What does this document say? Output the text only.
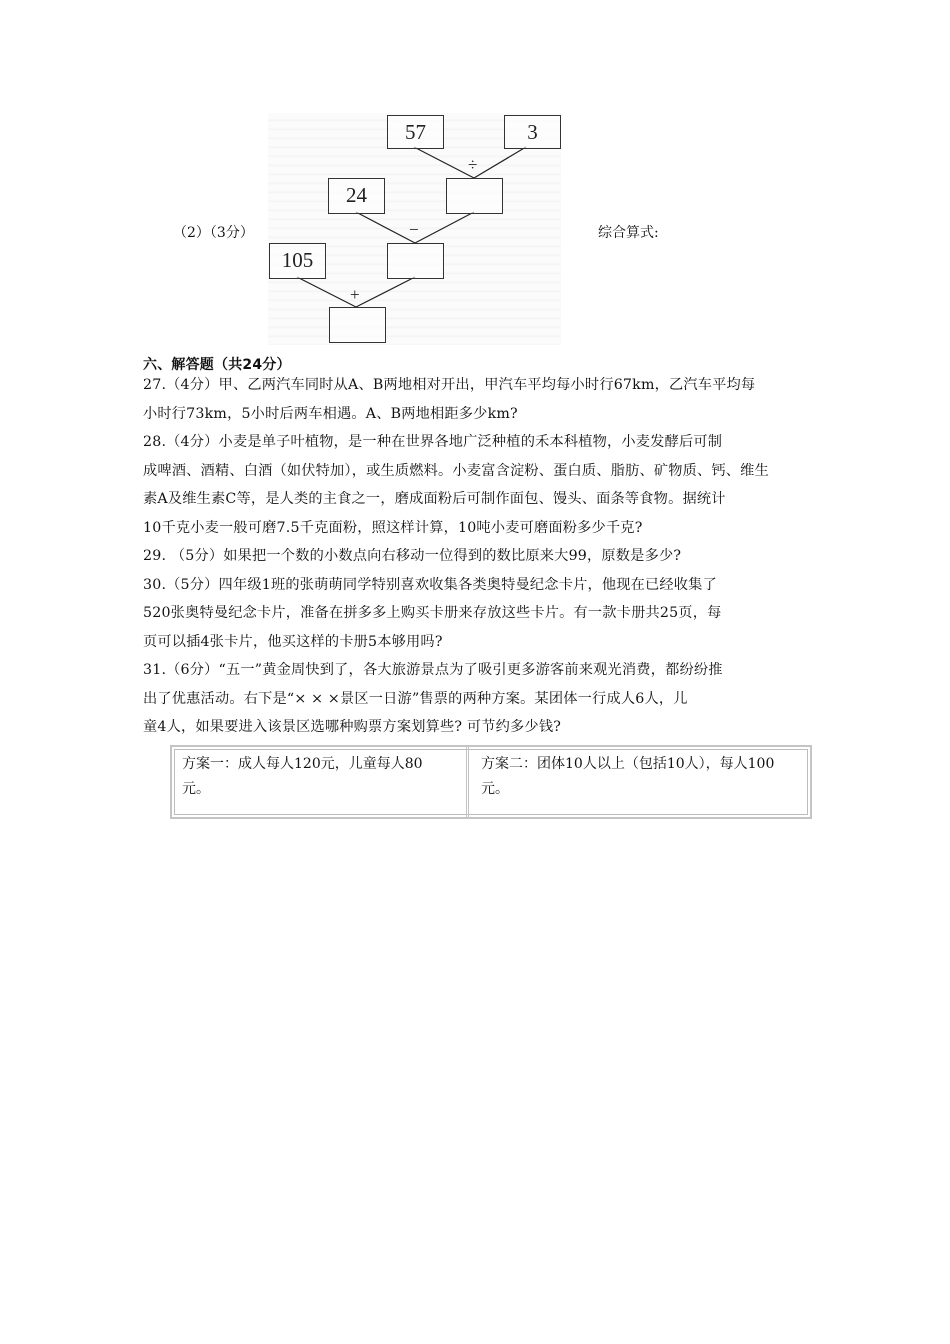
（2）（3分）	综合算式:
57	3
÷
24
−
105
+
六、解答题（共24分）
27.（4分）甲、乙两汽车同时从A、B两地相对开出，甲汽车平均每小时行67km，乙汽车平均每
小时行73km，5小时后两车相遇。A、B两地相距多少km?
28.（4分）小麦是单子叶植物，是一种在世界各地广泛种植的禾本科植物，小麦发酵后可制
成啤酒、酒精、白酒（如伏特加），或生质燃料。小麦富含淀粉、蛋白质、脂肪、矿物质、钙、维生
素A及维生素C等，是人类的主食之一，磨成面粉后可制作面包、馒头、面条等食物。据统计
10千克小麦一般可磨7.5千克面粉，照这样计算，10吨小麦可磨面粉多少千克?
29. （5分）如果把一个数的小数点向右移动一位得到的数比原来大99，原数是多少?
30.（5分）四年级1班的张萌萌同学特别喜欢收集各类奥特曼纪念卡片，他现在已经收集了
520张奥特曼纪念卡片，准备在拼多多上购买卡册来存放这些卡片。有一款卡册共25页，每
页可以插4张卡片，他买这样的卡册5本够用吗?
31.（6分）“五一”黄金周快到了，各大旅游景点为了吸引更多游客前来观光消费，都纷纷推
出了优惠活动。右下是“× × ×景区一日游”售票的两种方案。某团体一行成人6人，儿
童4人，如果要进入该景区选哪种购票方案划算些? 可节约多少钱?
方案一：成人每人120元，儿童每人80
元。
方案二：团体10人以上（包括10人），每人100
元。
